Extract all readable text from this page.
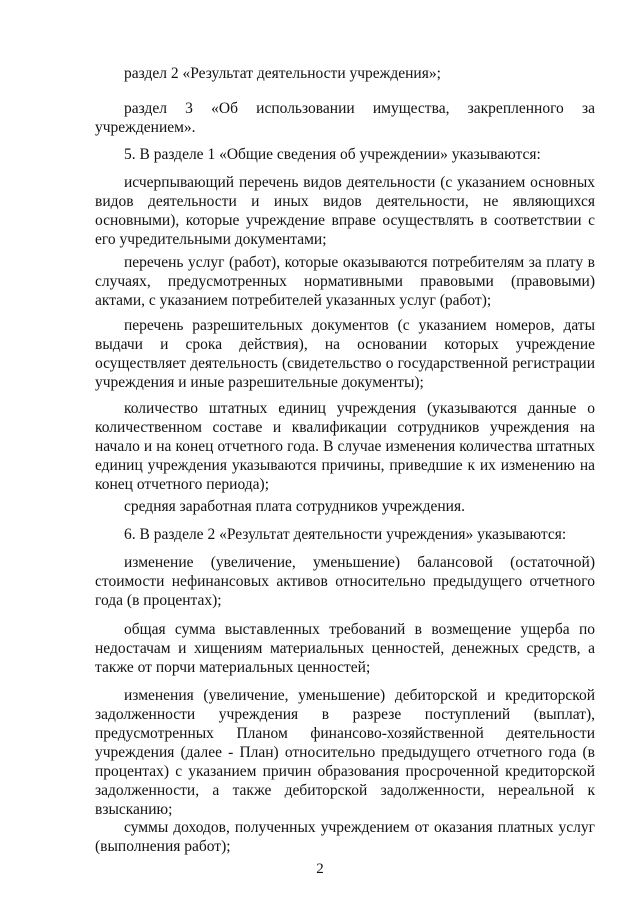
раздел 2 «Результат деятельности учреждения»;

раздел 3 «Об использовании имущества, закрепленного за учреждением».

5. В разделе 1 «Общие сведения об учреждении» указываются:

исчерпывающий перечень видов деятельности (с указанием основных видов деятельности и иных видов деятельности, не являющихся основными), которые учреждение вправе осуществлять в соответствии с его учредительными документами;

перечень услуг (работ), которые оказываются потребителям за плату в случаях, предусмотренных нормативными правовыми (правовыми) актами, с указанием потребителей указанных услуг (работ);

перечень разрешительных документов (с указанием номеров, даты выдачи и срока действия), на основании которых учреждение осуществляет деятельность (свидетельство о государственной регистрации учреждения и иные разрешительные документы);

количество штатных единиц учреждения (указываются данные о количественном составе и квалификации сотрудников учреждения на начало и на конец отчетного года. В случае изменения количества штатных единиц учреждения указываются причины, приведшие к их изменению на конец отчетного периода);

средняя заработная плата сотрудников учреждения.

6. В разделе 2 «Результат деятельности учреждения» указываются:

изменение (увеличение, уменьшение) балансовой (остаточной) стоимости нефинансовых активов относительно предыдущего отчетного года (в процентах);

общая сумма выставленных требований в возмещение ущерба по недостачам и хищениям материальных ценностей, денежных средств, а также от порчи материальных ценностей;

изменения (увеличение, уменьшение) дебиторской и кредиторской задолженности учреждения в разрезе поступлений (выплат), предусмотренных Планом финансово-хозяйственной деятельности учреждения (далее - План) относительно предыдущего отчетного года (в процентах) с указанием причин образования просроченной кредиторской задолженности, а также дебиторской задолженности, нереальной к взысканию;

суммы доходов, полученных учреждением от оказания платных услуг (выполнения работ);

2
